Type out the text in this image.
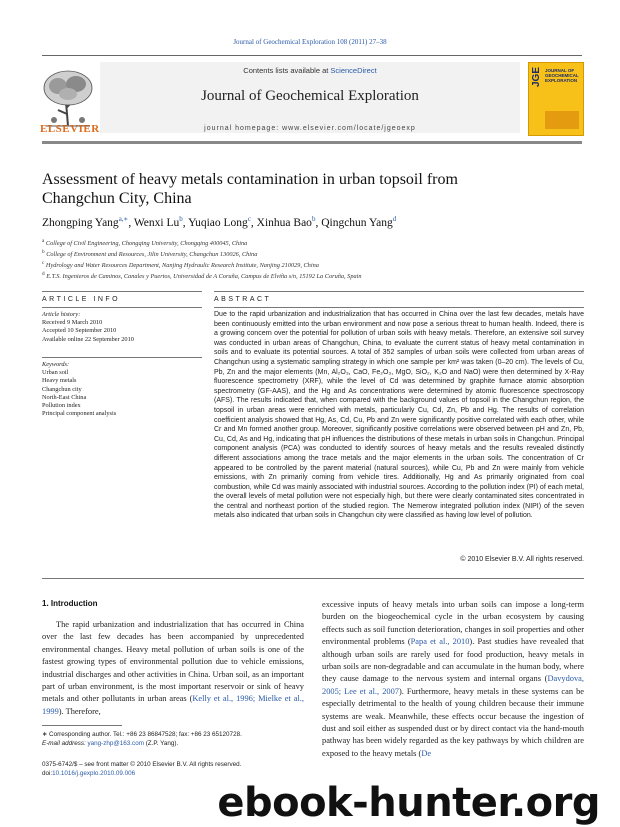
Journal of Geochemical Exploration 108 (2011) 27–38
Contents lists available at ScienceDirect
Journal of Geochemical Exploration
journal homepage: www.elsevier.com/locate/jgeoexp
ELSEVIER
JGE JOURNAL OF GEOCHEMICAL EXPLORATION
Assessment of heavy metals contamination in urban topsoil from Changchun City, China
Zhongping Yang$^{a,∗}$, Wenxi Lu$^b$, Yuqiao Long$^c$, Xinhua Bao$^b$, Qingchun Yang$^d$
$^a$ College of Civil Engineering, Chongqing University, Chongqing 400045, China
$^b$ College of Environment and Resources, Jilin University, Changchun 130026, China
$^c$ Hydrology and Water Resources Department, Nanjing Hydraulic Research Institute, Nanjing 210029, China
$^d$ E.T.S. Ingenieros de Caminos, Canales y Puertos, Universidad de A Coruña, Campus de Elviña s/n, 15192 La Coruña, Spain
ARTICLE INFO
Article history:
Received 9 March 2010
Accepted 10 September 2010
Available online 22 September 2010
Keywords:
Urban soil
Heavy metals
Changchun city
North-East China
Pollution index
Principal component analysis
ABSTRACT
Due to the rapid urbanization and industrialization that has occurred in China over the last few decades, metals have been continuously emitted into the urban environment and now pose a serious threat to human health. Indeed, there is a growing concern over the potential for pollution of urban soils with heavy metals. Therefore, an extensive soil survey was conducted in urban areas of Changchun, China, to evaluate the current status of heavy metal contamination in soils and to evaluate its potential sources. A total of 352 samples of urban soils were collected from urban areas of Changchun using a systematic sampling strategy in which one sample per km² was taken (0–20 cm). The levels of Cu, Pb, Zn and the major elements (Mn, Al₂O₃, CaO, Fe₂O₃, MgO, SiO₂, K₂O and NaO) were then determined by X-Ray fluorescence spectrometry (XRF), while the level of Cd was determined by graphite furnace atomic absorption spectrometry (GF-AAS), and the Hg and As concentrations were determined by atomic fluorescence spectroscopy (AFS). The results indicated that, when compared with the background values of topsoil in the Changchun region, the topsoil in urban areas were enriched with metals, particularly Cu, Cd, Zn, Pb and Hg. The results of correlation coefficient analysis showed that Hg, As, Cd, Cu, Pb and Zn were significantly positive correlated with each other, while Cr and Mn formed another group. Moreover, significantly positive correlations were observed between pH and Zn, Pb, Cu, Cd, As and Hg, indicating that pH influences the distributions of these metals in urban soils in Changchun. Principal component analysis (PCA) was conducted to identify sources of heavy metals and the results revealed distinctly different associations among the trace metals and the major elements in the urban soils. The concentration of Cr appeared to be controlled by the parent material (natural sources), while Cu, Pb and Zn were mainly from vehicle emissions, with Zn primarily coming from vehicle tires. Additionally, Hg and As primarily originated from coal combustion, while Cd was mainly associated with industrial sources. According to the pollution index (PI) of each metal, the overall levels of metal pollution were not especially high, but there were clearly contaminated sites concentrated in the central and northeast portion of the studied region. The Nemerow integrated pollution index (NIPI) of the seven metals also indicated that urban soils in Changchun city were classified as having low level of pollution.
© 2010 Elsevier B.V. All rights reserved.
1. Introduction
The rapid urbanization and industrialization that has occurred in China over the last few decades has been accompanied by unprecedented environmental changes. Heavy metal pollution of urban soils is one of the fastest growing types of environmental pollution due to vehicle emissions, industrial discharges and other activities in China. Urban soil, as an important part of urban environment, is the most important reservoir or sink of heavy metals and other pollutants in urban areas (Kelly et al., 1996; Mielke et al., 1999). Therefore,
excessive inputs of heavy metals into urban soils can impose a long-term burden on the biogeochemical cycle in the urban ecosystem by causing effects such as soil function deterioration, changes in soil properties and other environmental problems (Papa et al., 2010). Past studies have revealed that although urban soils are rarely used for food production, heavy metals in urban soils are non-degradable and can accumulate in the human body, where they cause damage to the nervous system and internal organs (Davydova, 2005; Lee et al., 2007). Furthermore, heavy metals in these systems can be especially detrimental to the health of young children because their immune systems are weak. Meanwhile, these effects occur because the ingestion of dust and soil either as suspended dust or by direct contact via the hand-mouth pathway has been widely regarded as the key pathways by which children are exposed to the heavy metals (De
∗ Corresponding author. Tel.: +86 23 86847528; fax: +86 23 65120728.
E-mail address: yang-zhp@163.com (Z.P. Yang).
0375-6742/$ – see front matter © 2010 Elsevier B.V. All rights reserved.
doi:10.1016/j.gexplo.2010.09.006
ebook-hunter.org
